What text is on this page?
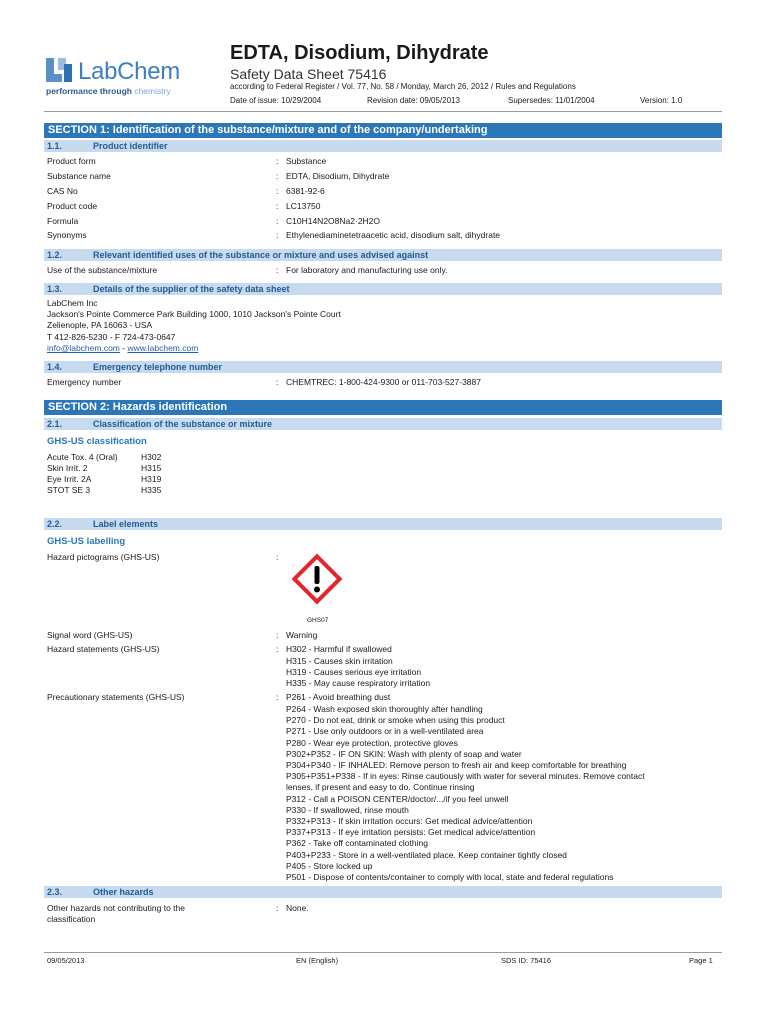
LabChem
performance through chemistry
EDTA, Disodium, Dihydrate
Safety Data Sheet 75416
according to Federal Register / Vol. 77, No. 58 / Monday, March 26, 2012 / Rules and Regulations
Date of issue: 10/29/2004	Revision date: 09/05/2013	Supersedes: 11/01/2004	Version: 1.0
SECTION 1: Identification of the substance/mixture and of the company/undertaking
1.1.	Product identifier
Product form	: Substance
Substance name	: EDTA, Disodium, Dihydrate
CAS No	: 6381-92-6
Product code	: LC13750
Formula	: C10H14N2O8Na2·2H2O
Synonyms	: Ethylenediaminetetraacetic acid, disodium salt, dihydrate
1.2.	Relevant identified uses of the substance or mixture and uses advised against
Use of the substance/mixture	: For laboratory and manufacturing use only.
1.3.	Details of the supplier of the safety data sheet
LabChem Inc
Jackson's Pointe Commerce Park Building 1000, 1010 Jackson's Pointe Court
Zelienople, PA 16063 - USA
T 412-826-5230 - F 724-473-0647
info@labchem.com - www.labchem.com
1.4.	Emergency telephone number
Emergency number	: CHEMTREC: 1-800-424-9300 or 011-703-527-3887
SECTION 2: Hazards identification
2.1.	Classification of the substance or mixture
GHS-US classification
Acute Tox. 4 (Oral)	H302
Skin Irrit. 2	H315
Eye Irrit. 2A	H319
STOT SE 3	H335
2.2.	Label elements
GHS-US labelling
Hazard pictograms (GHS-US)	:
GHS07
Signal word (GHS-US)	: Warning
Hazard statements (GHS-US)	: H302 - Harmful if swallowed
H315 - Causes skin irritation
H319 - Causes serious eye irritation
H335 - May cause respiratory irritation
Precautionary statements (GHS-US)	: P261 - Avoid breathing dust
P264 - Wash exposed skin thoroughly after handling
P270 - Do not eat, drink or smoke when using this product
P271 - Use only outdoors or in a well-ventilated area
P280 - Wear eye protection, protective gloves
P302+P352 - IF ON SKIN: Wash with plenty of soap and water
P304+P340 - IF INHALED: Remove person to fresh air and keep comfortable for breathing
P305+P351+P338 - If in eyes: Rinse cautiously with water for several minutes. Remove contact
lenses, if present and easy to do. Continue rinsing
P312 - Call a POISON CENTER/doctor/.../if you feel unwell
P330 - If swallowed, rinse mouth
P332+P313 - If skin irritation occurs: Get medical advice/attention
P337+P313 - If eye irritation persists: Get medical advice/attention
P362 - Take off contaminated clothing
P403+P233 - Store in a well-ventilated place. Keep container tightly closed
P405 - Store locked up
P501 - Dispose of contents/container to comply with local, state and federal regulations
2.3.	Other hazards
Other hazards not contributing to the
classification
: None.
09/05/2013	EN (English)	SDS ID: 75416	Page 1
